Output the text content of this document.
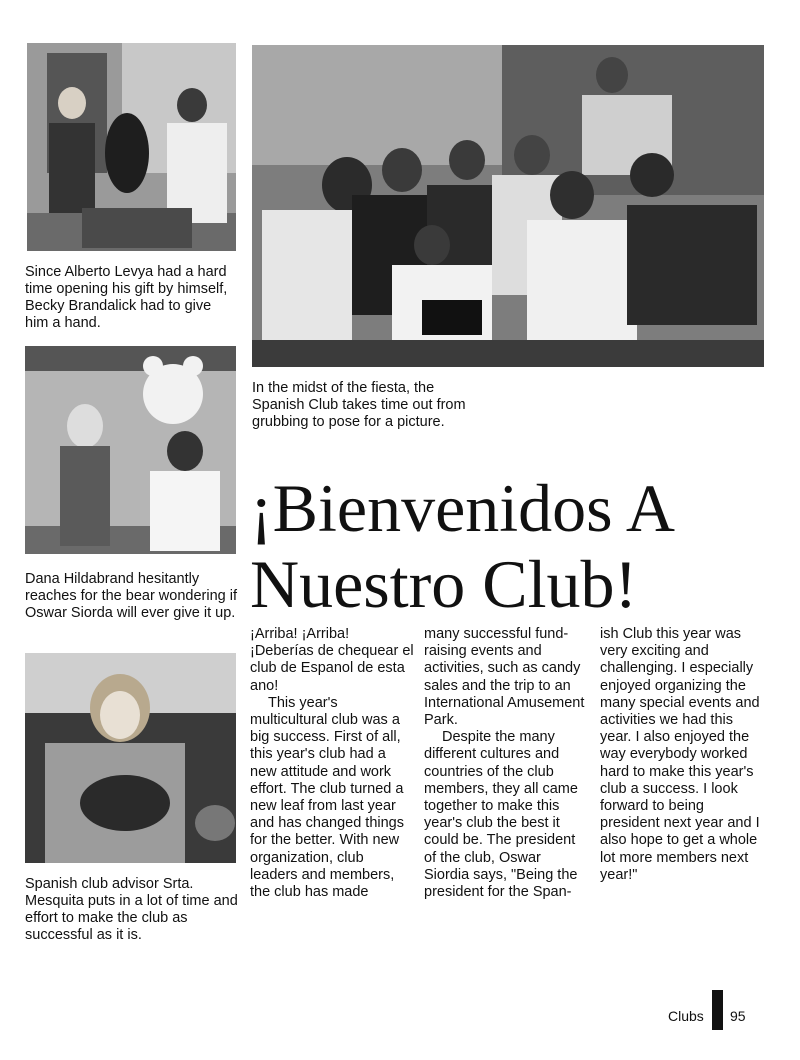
Since Alberto Levya had a hard time opening his gift by himself, Becky Brandalick had to give him a hand.
In the midst of the fiesta, the Spanish Club takes time out from grubbing to pose for a picture.
¡Bienvenidos A
Nuestro Club!
Dana Hildabrand hesitantly reaches for the bear wondering if Oswar Siorda will ever give it up.
Spanish club advisor Srta. Mesquita puts in a lot of time and effort to make the club as successful as it is.

¡Arriba! ¡Arriba!

¡Deberías de chequear el club de Espanol de esta ano!

This year's multicultural club was a big success. First of all, this year's club had a new attitude and work effort. The club turned a new leaf from last year and has changed things for the better. With new organization, club leaders and members, the club has made

many successful fund-raising events and activities, such as candy sales and the trip to an International Amusement Park.

Despite the many different cultures and countries of the club members, they all came together to make this year's club the best it could be. The president of the club, Oswar Siordia says, "Being the president for the Span-

ish Club this year was very exciting and challenging. I especially enjoyed organizing the many special events and activities we had this year. I also enjoyed the way everybody worked hard to make this year's club a success. I look forward to being president next year and I also hope to get a whole lot more members next year!"

Clubs 95
